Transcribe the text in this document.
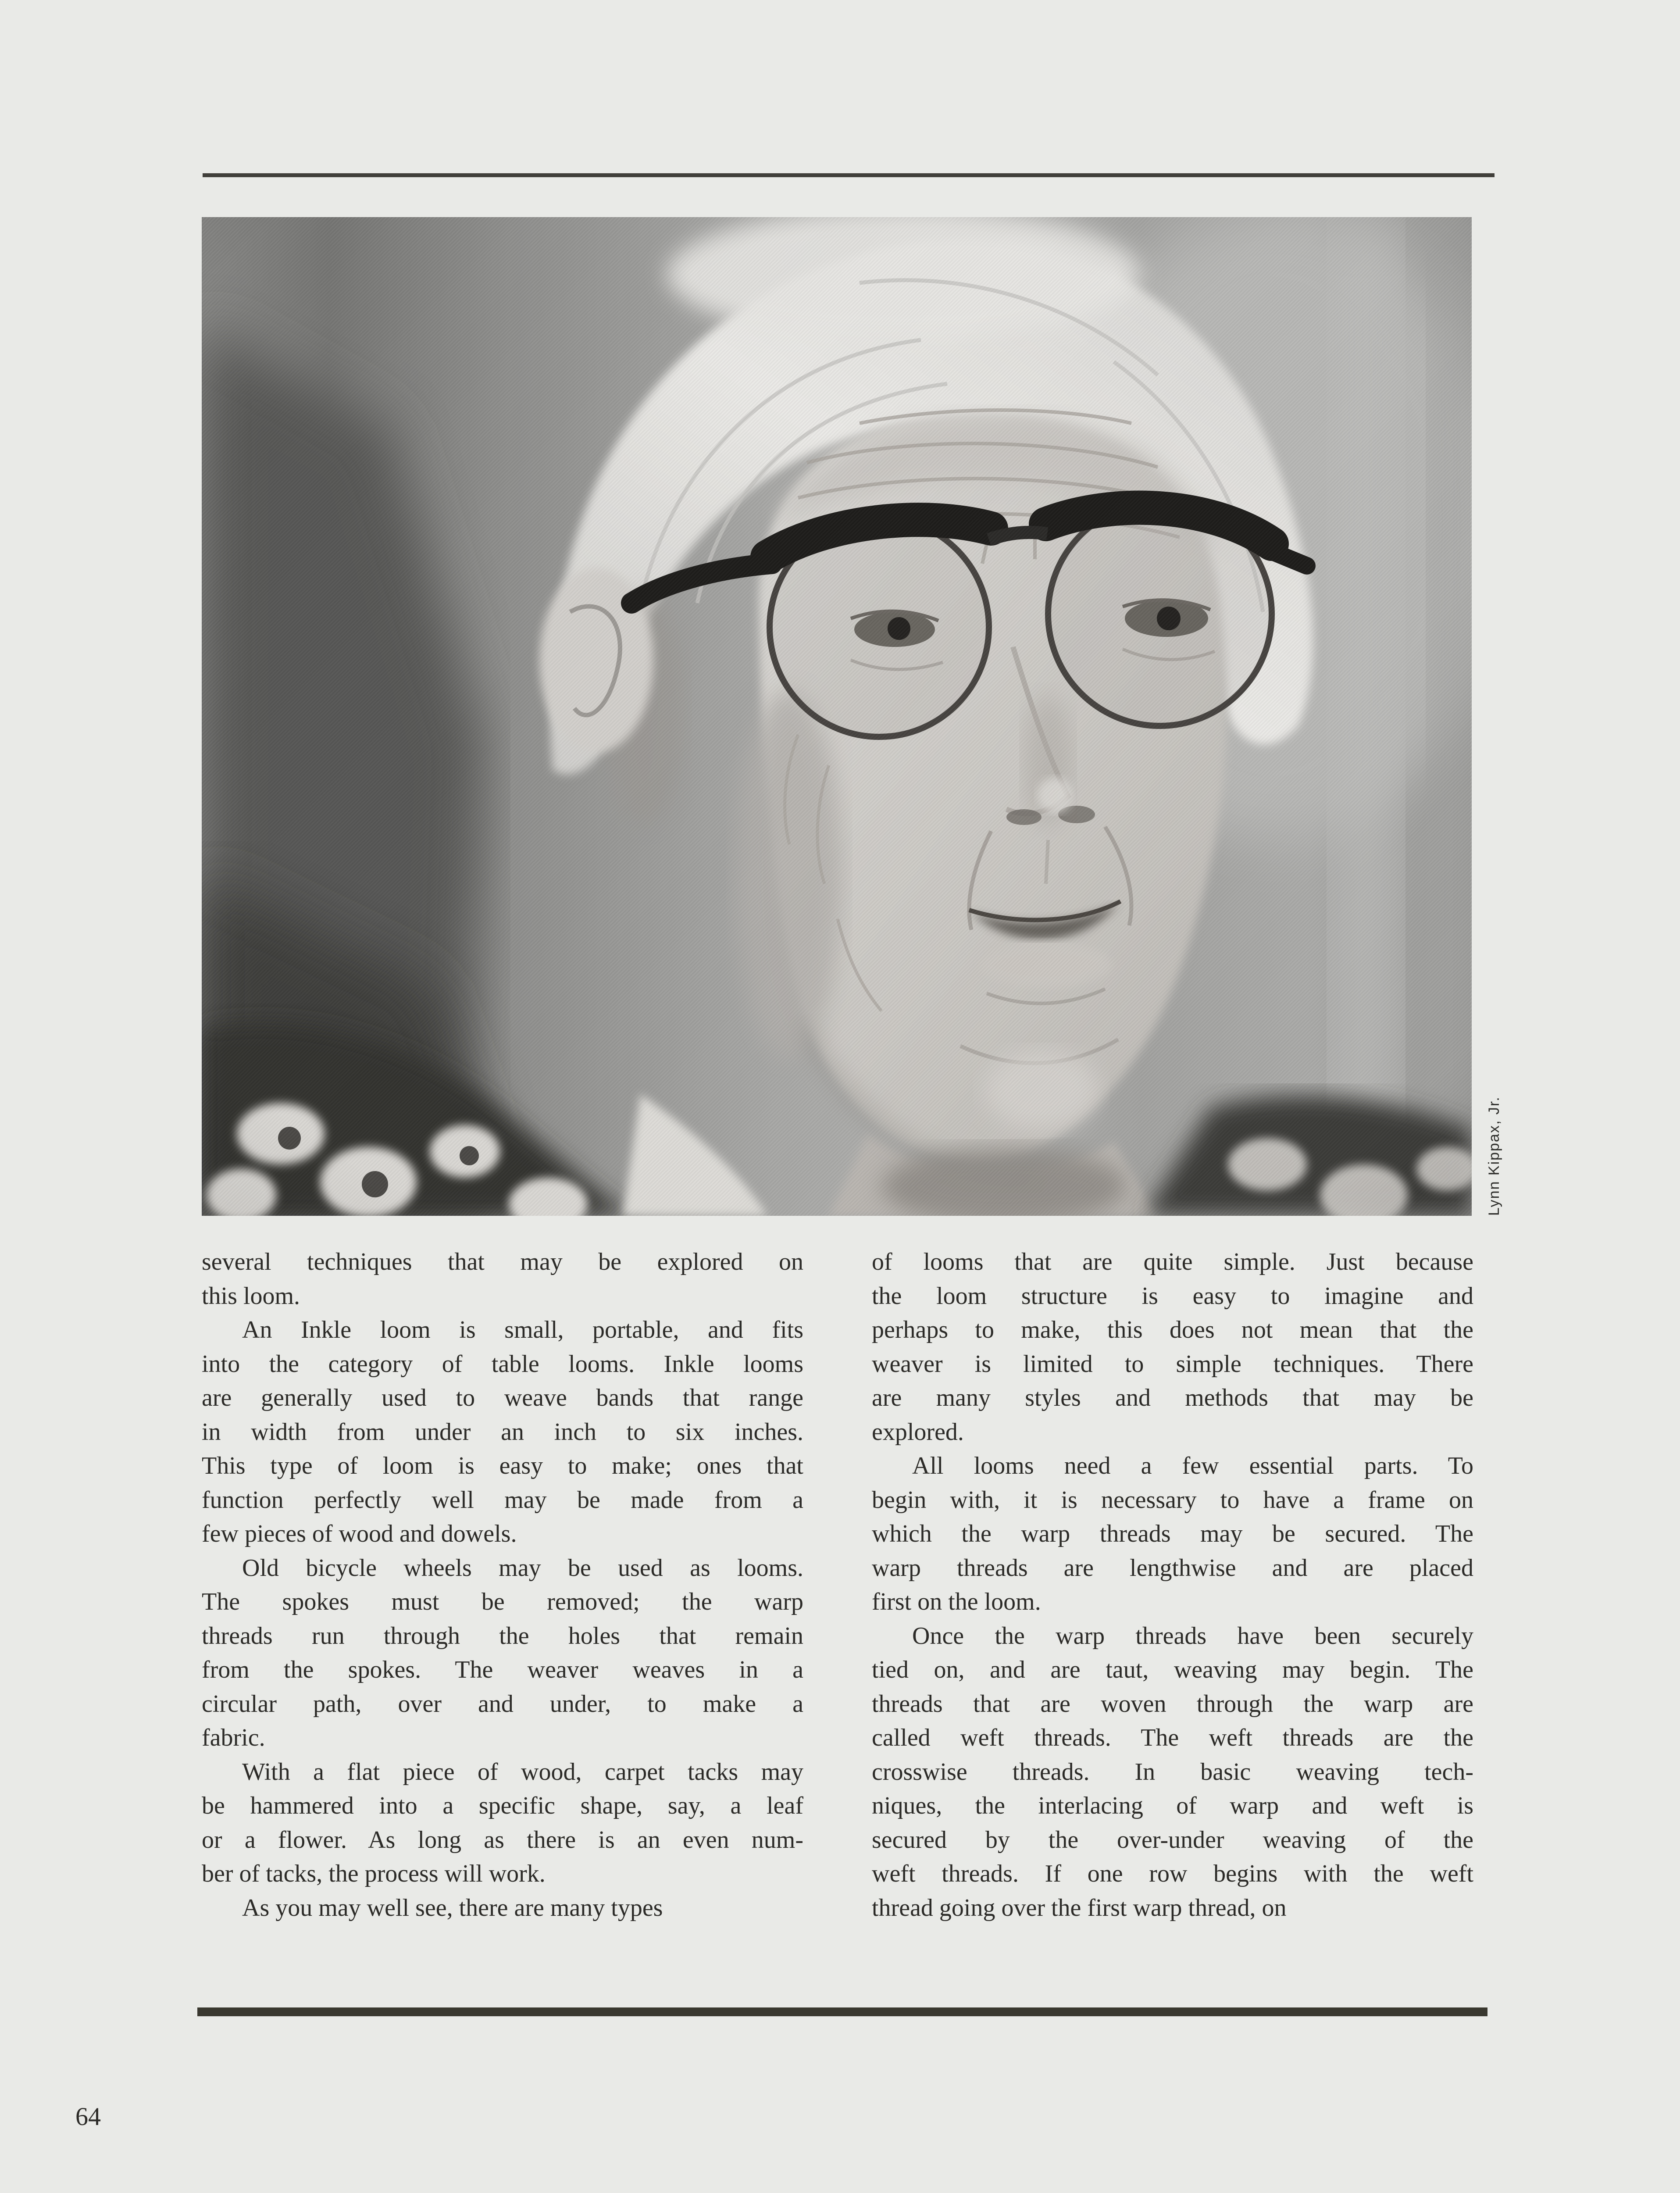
Lynn Kippax, Jr.
several techniques that may be explored on
this loom.
An Inkle loom is small, portable, and fits
into the category of table looms. Inkle looms
are generally used to weave bands that range
in width from under an inch to six inches.
This type of loom is easy to make; ones that
function perfectly well may be made from a
few pieces of wood and dowels.
Old bicycle wheels may be used as looms.
The spokes must be removed; the warp
threads run through the holes that remain
from the spokes. The weaver weaves in a
circular path, over and under, to make a
fabric.
With a flat piece of wood, carpet tacks may
be hammered into a specific shape, say, a leaf
or a flower. As long as there is an even num-
ber of tacks, the process will work.
As you may well see, there are many types
of looms that are quite simple. Just because
the loom structure is easy to imagine and
perhaps to make, this does not mean that the
weaver is limited to simple techniques. There
are many styles and methods that may be
explored.
All looms need a few essential parts. To
begin with, it is necessary to have a frame on
which the warp threads may be secured. The
warp threads are lengthwise and are placed
first on the loom.
Once the warp threads have been securely
tied on, and are taut, weaving may begin. The
threads that are woven through the warp are
called weft threads. The weft threads are the
crosswise threads. In basic weaving tech-
niques, the interlacing of warp and weft is
secured by the over-under weaving of the
weft threads. If one row begins with the weft
thread going over the first warp thread, on
64
